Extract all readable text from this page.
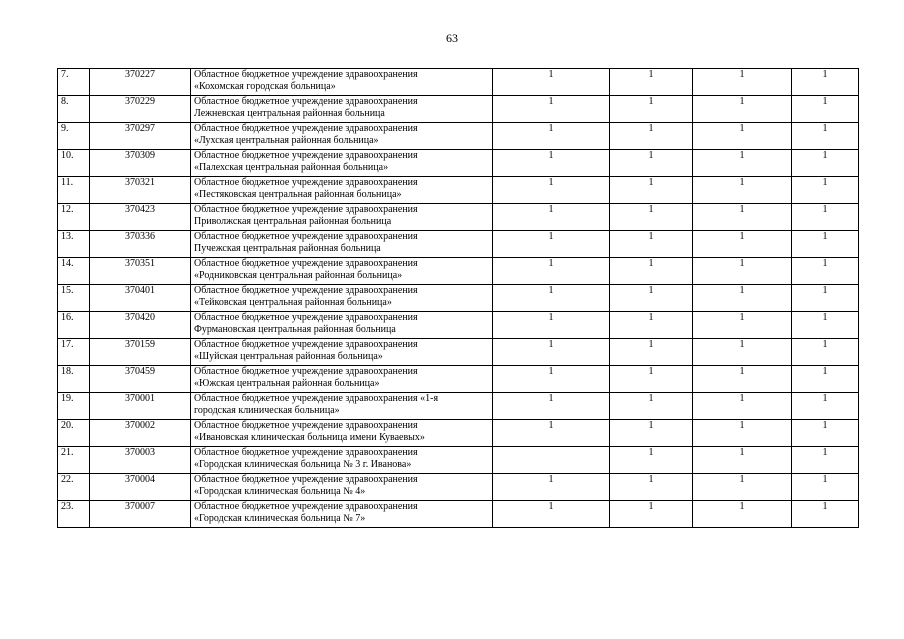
63
7.	370227	Областное бюджетное учреждение здравоохранения
«Кохомская городская больница»	1	1	1	1
8.	370229	Областное бюджетное учреждение здравоохранения
Лежневская центральная районная больница	1	1	1	1
9.	370297	Областное бюджетное учреждение здравоохранения
«Лухская центральная районная больница»	1	1	1	1
10.	370309	Областное бюджетное учреждение здравоохранения
«Палехская центральная районная больница»	1	1	1	1
11.	370321	Областное бюджетное учреждение здравоохранения
«Пестяковская центральная районная больница»	1	1	1	1
12.	370423	Областное бюджетное учреждение здравоохранения
Приволжская центральная районная больница	1	1	1	1
13.	370336	Областное бюджетное учреждение здравоохранения
Пучежская центральная районная больница	1	1	1	1
14.	370351	Областное бюджетное учреждение здравоохранения
«Родниковская центральная районная больница»	1	1	1	1
15.	370401	Областное бюджетное учреждение здравоохранения
«Тейковская центральная районная больница»	1	1	1	1
16.	370420	Областное бюджетное учреждение здравоохранения
Фурмановская центральная районная больница	1	1	1	1
17.	370159	Областное бюджетное учреждение здравоохранения
«Шуйская центральная районная больница»	1	1	1	1
18.	370459	Областное бюджетное учреждение здравоохранения
«Южская центральная районная больница»	1	1	1	1
19.	370001	Областное бюджетное учреждение здравоохранения «1-я
городская клиническая больница»	1	1	1	1
20.	370002	Областное бюджетное учреждение здравоохранения
«Ивановская клиническая больница имени Куваевых»	1	1	1	1
21.	370003	Областное бюджетное учреждение здравоохранения
«Городская клиническая больница № 3 г. Иванова»		1	1	1
22.	370004	Областное бюджетное учреждение здравоохранения
«Городская клиническая больница № 4»	1	1	1	1
23.	370007	Областное бюджетное учреждение здравоохранения
«Городская клиническая больница № 7»	1	1	1	1
